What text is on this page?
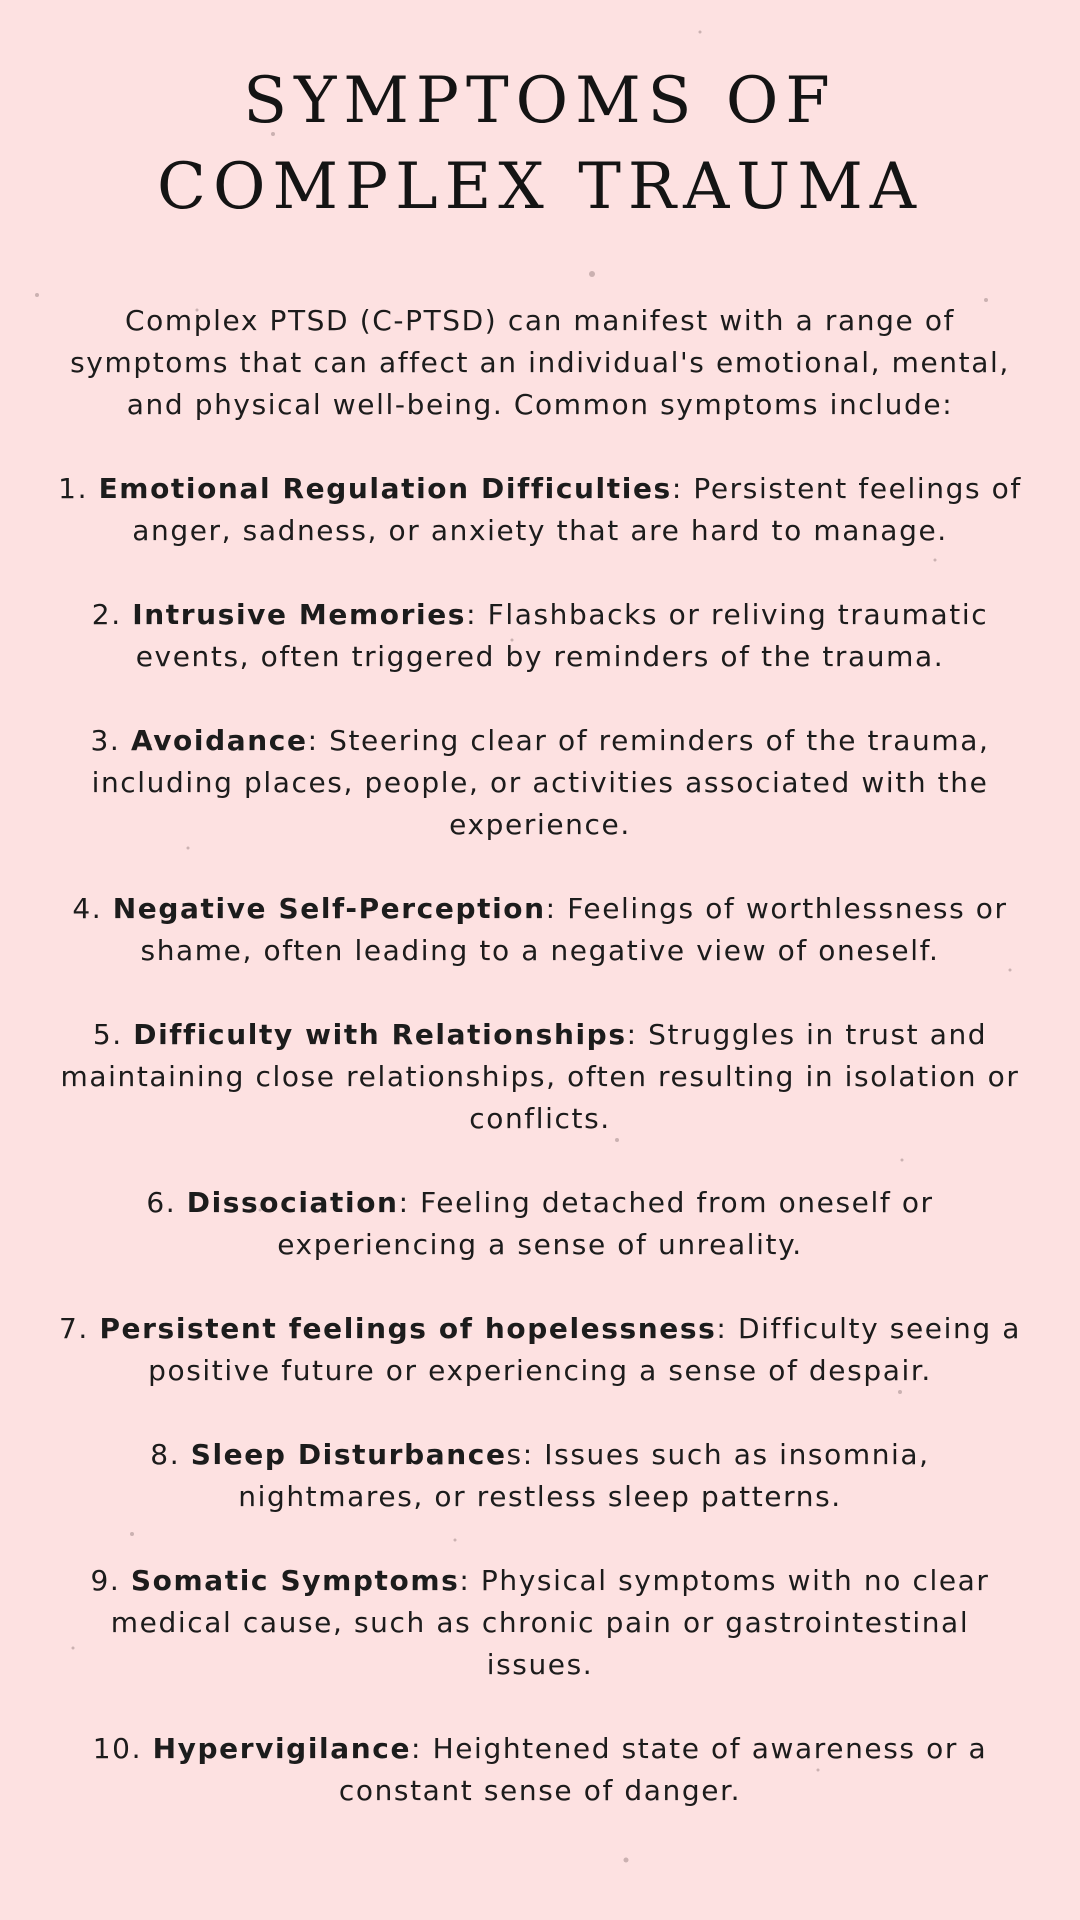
SYMPTOMS OF
COMPLEX TRAUMA

Complex PTSD (C-PTSD) can manifest with a range of symptoms that can affect an individual's emotional, mental, and physical well-being. Common symptoms include:

1. Emotional Regulation Difficulties: Persistent feelings of anger, sadness, or anxiety that are hard to manage.

2. Intrusive Memories: Flashbacks or reliving traumatic events, often triggered by reminders of the trauma.

3. Avoidance: Steering clear of reminders of the trauma, including places, people, or activities associated with the experience.

4. Negative Self-Perception: Feelings of worthlessness or shame, often leading to a negative view of oneself.

5. Difficulty with Relationships: Struggles in trust and maintaining close relationships, often resulting in isolation or conflicts.

6. Dissociation: Feeling detached from oneself or experiencing a sense of unreality.

7. Persistent feelings of hopelessness: Difficulty seeing a positive future or experiencing a sense of despair.

8. Sleep Disturbances: Issues such as insomnia, nightmares, or restless sleep patterns.

9. Somatic Symptoms: Physical symptoms with no clear medical cause, such as chronic pain or gastrointestinal issues.

10. Hypervigilance: Heightened state of awareness or a constant sense of danger.
